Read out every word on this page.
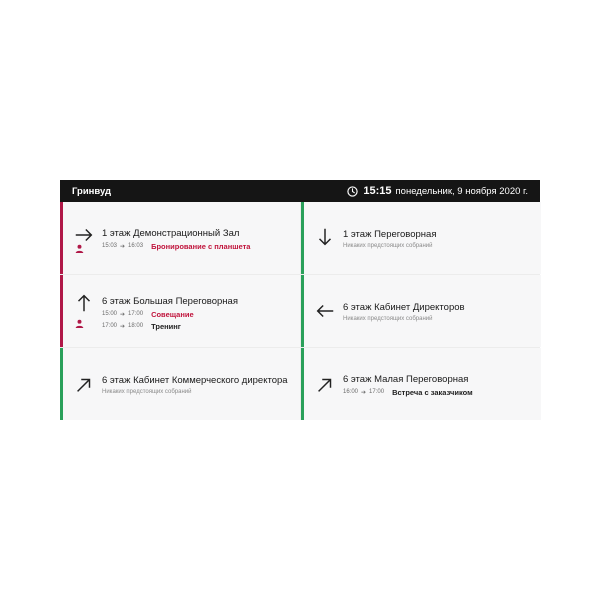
Гринвуд	15:15 понедельник, 9 ноября 2020 г.
1 этаж Демонстрационный Зал
15:03 ➔ 16:03 Бронирование с планшета
1 этаж Переговорная
Никаких предстоящих собраний
6 этаж Большая Переговорная
15:00 ➔ 17:00 Совещание
17:00 ➔ 18:00 Тренинг
6 этаж Кабинет Директоров
Никаких предстоящих собраний
6 этаж Кабинет Коммерческого директора
Никаких предстоящих собраний
6 этаж Малая Переговорная
16:00 ➔ 17:00 Встреча с заказчиком
